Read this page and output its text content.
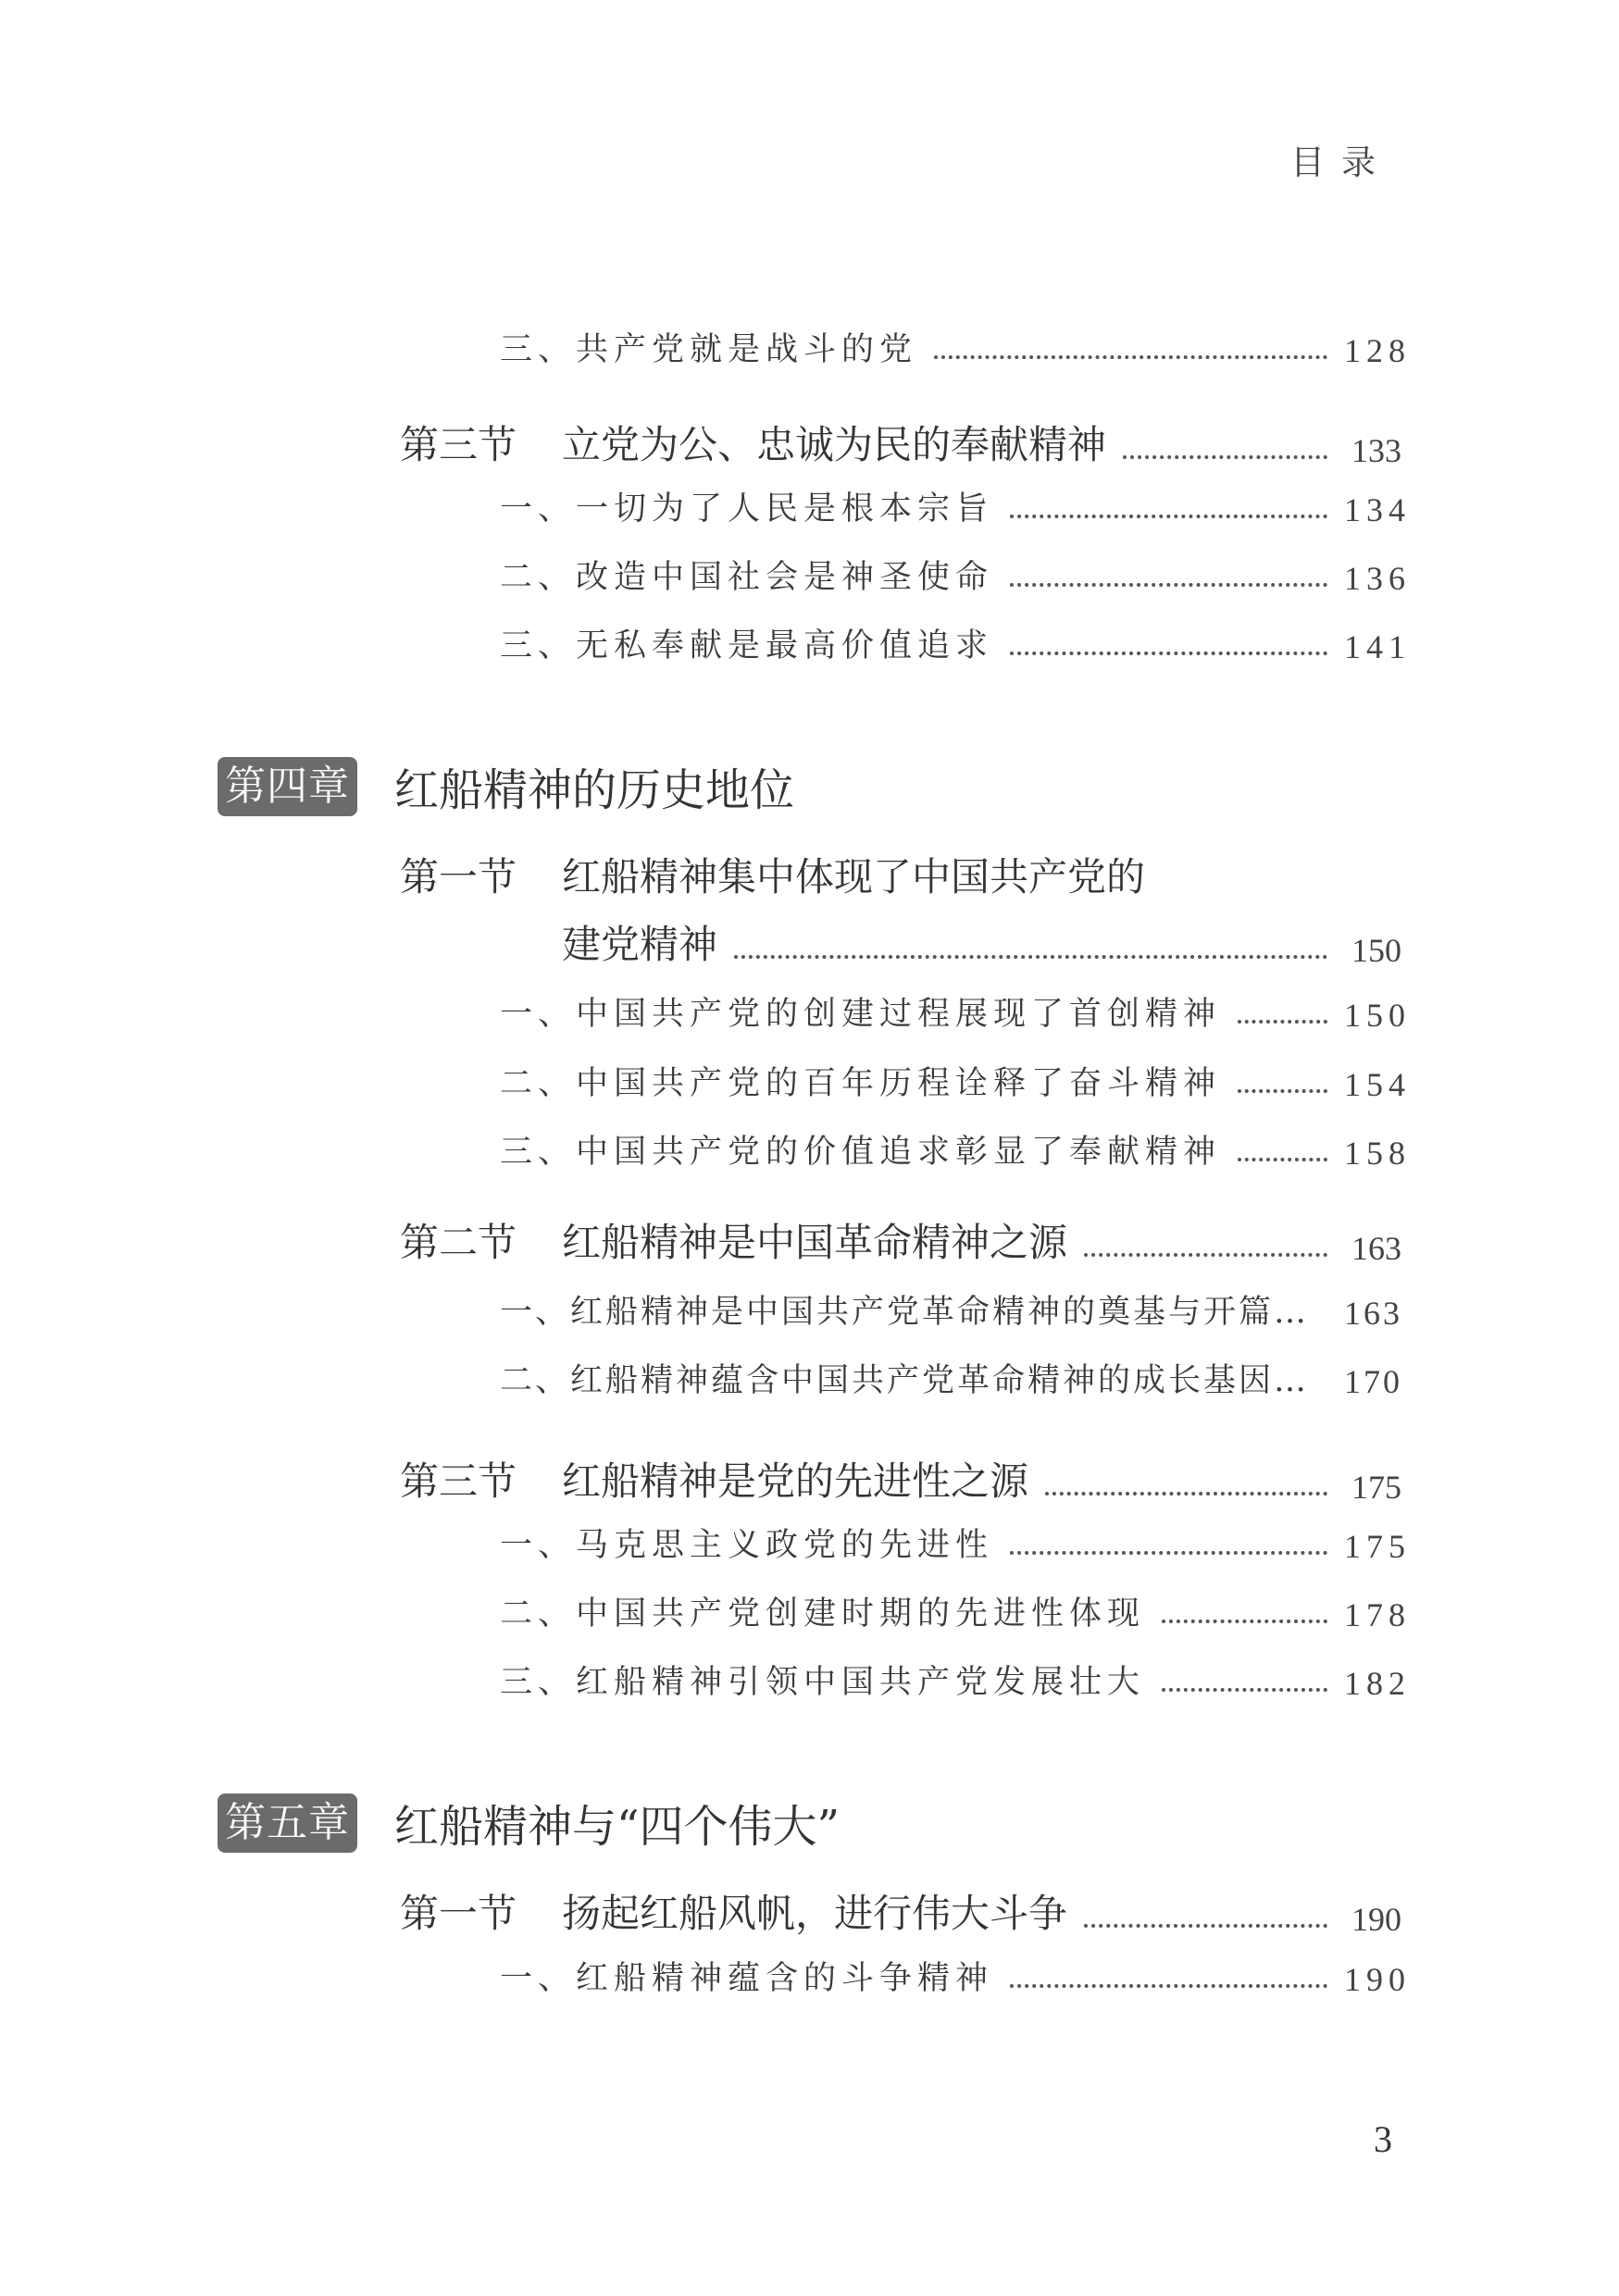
目录
三、共产党就是战斗的党	128
第三节	立党为公、忠诚为民的奉献精神	133
一、一切为了人民是根本宗旨	134
二、改造中国社会是神圣使命	136
三、无私奉献是最高价值追求	141
第四章 红船精神的历史地位
第一节	红船精神集中体现了中国共产党的
建党精神	150
一、中国共产党的创建过程展现了首创精神	150
二、中国共产党的百年历程诠释了奋斗精神	154
三、中国共产党的价值追求彰显了奉献精神	158
第二节	红船精神是中国革命精神之源	163
一、红船精神是中国共产党革命精神的奠基与开篇… 163
二、红船精神蕴含中国共产党革命精神的成长基因… 170
第三节	红船精神是党的先进性之源	175
一、马克思主义政党的先进性	175
二、中国共产党创建时期的先进性体现	178
三、红船精神引领中国共产党发展壮大	182
第五章 红船精神与“四个伟大”
第一节	扬起红船风帆，进行伟大斗争	190
一、红船精神蕴含的斗争精神	190
3
